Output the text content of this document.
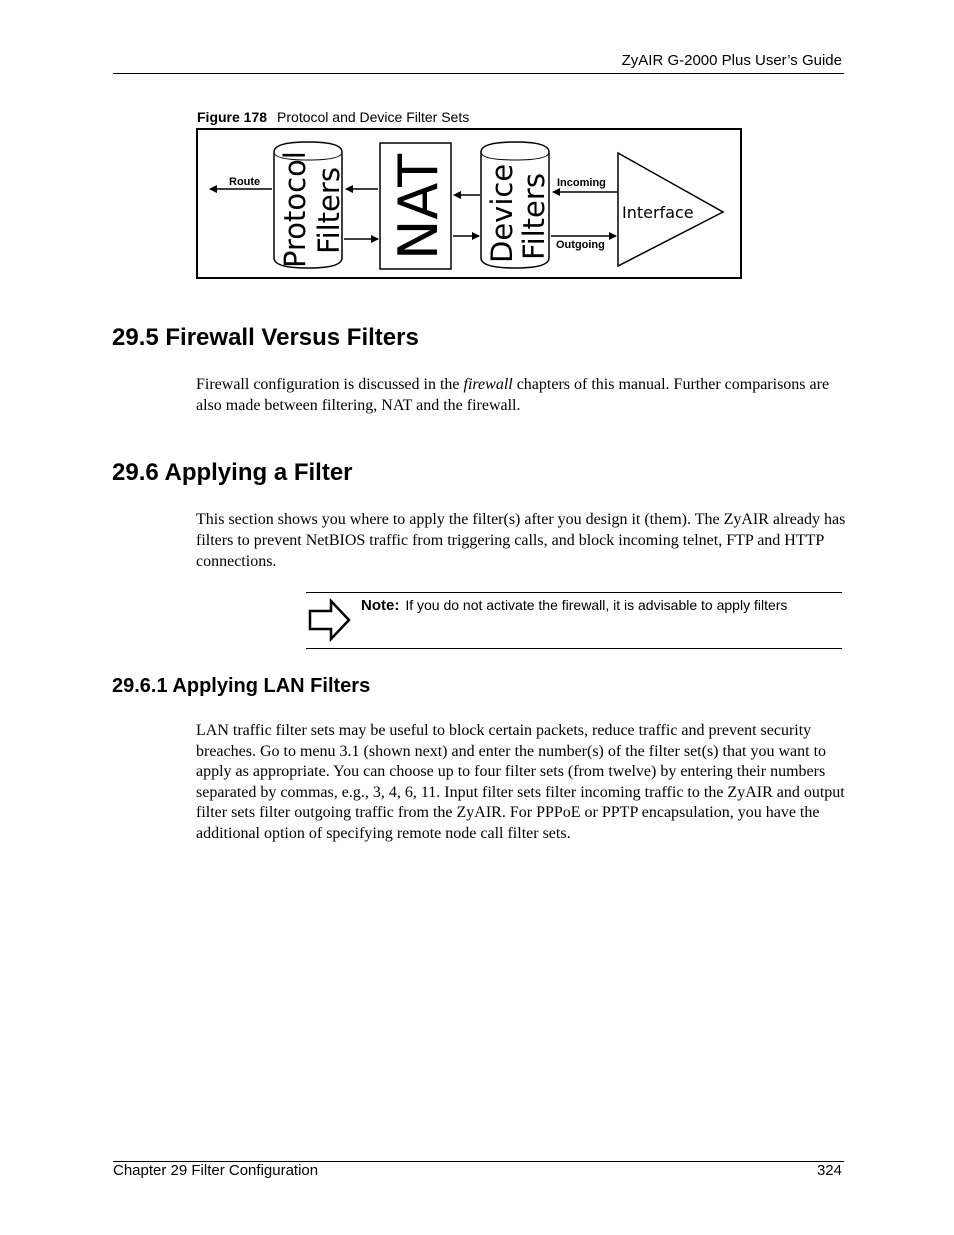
ZyAIR G-2000 Plus User’s Guide
Figure 178 Protocol and Device Filter Sets
Route Protocol Filters NAT Device
Filters Incoming
Outgoing
Interface
29.5 Firewall Versus Filters

Firewall configuration is discussed in the firewall chapters of this manual. Further comparisons are also made between filtering, NAT and the firewall.

29.6 Applying a Filter

This section shows you where to apply the filter(s) after you design it (them). The ZyAIR already has filters to prevent NetBIOS traffic from triggering calls, and block incoming telnet, FTP and HTTP connections.

Note: If you do not activate the firewall, it is advisable to apply filters
29.6.1 Applying LAN Filters

LAN traffic filter sets may be useful to block certain packets, reduce traffic and prevent security breaches. Go to menu 3.1 (shown next) and enter the number(s) of the filter set(s) that you want to apply as appropriate. You can choose up to four filter sets (from twelve) by entering their numbers separated by commas, e.g., 3, 4, 6, 11. Input filter sets filter incoming traffic to the ZyAIR and output filter sets filter outgoing traffic from the ZyAIR. For PPPoE or PPTP encapsulation, you have the additional option of specifying remote node call filter sets.

Chapter 29 Filter Configuration	324
